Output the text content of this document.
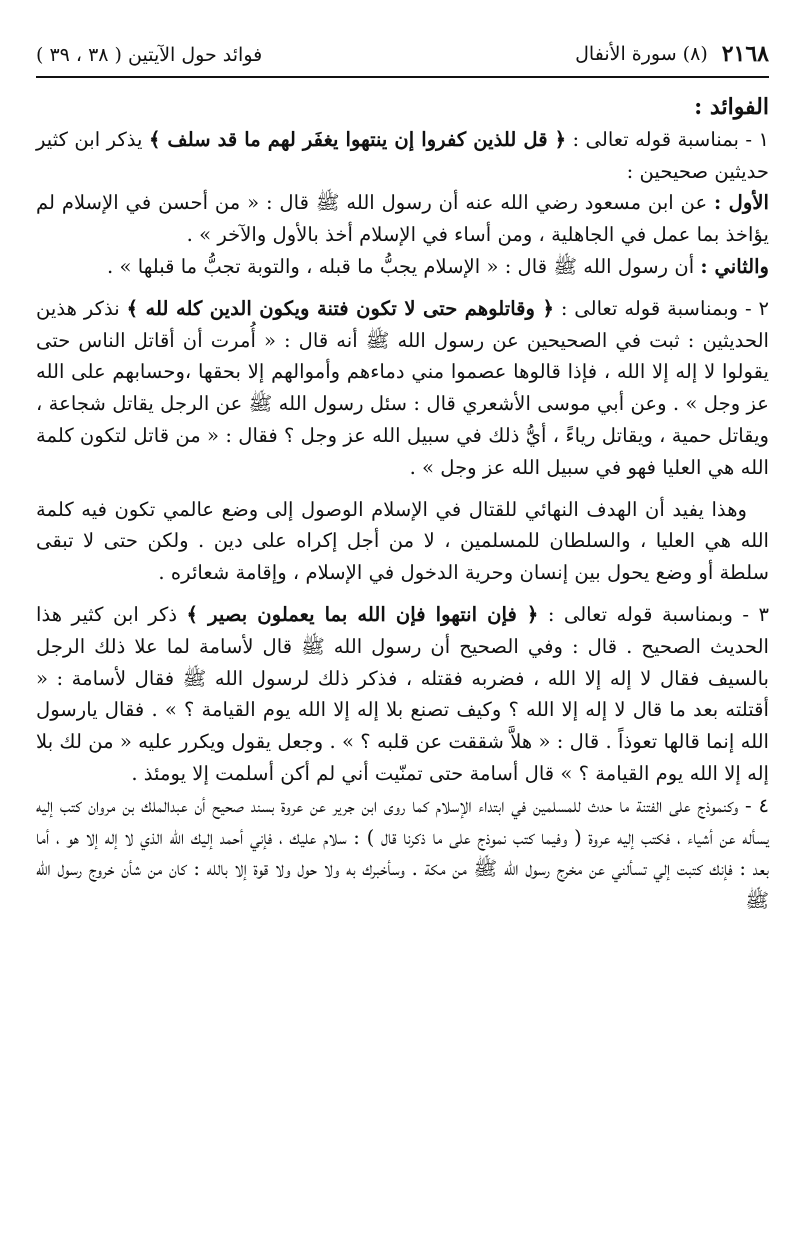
٢١٦٨
(٨) سورة الأنفال
فوائد حول الآيتين ( ٣٨ ، ٣٩ )

الفوائد :

١ - بمناسبة قوله تعالى : ﴿ قل للذين كفروا إن ينتهوا يغفَر لهم ما قد سلف ﴾ يذكر ابن كثير حديثين صحيحين :

الأول : عن ابن مسعود رضي الله عنه أن رسول الله ﷺ قال : « من أحسن في الإسلام لم يؤاخذ بما عمل في الجاهلية ، ومن أساء في الإسلام أخذ بالأول والآخر » .

والثاني : أن رسول الله ﷺ قال : « الإسلام يجبُّ ما قبله ، والتوبة تجبُّ ما قبلها » .

٢ - وبمناسبة قوله تعالى : ﴿ وقاتلوهم حتى لا تكون فتنة ويكون الدين كله لله ﴾ نذكر هذين الحديثين : ثبت في الصحيحين عن رسول الله ﷺ أنه قال : « أُمرت أن أقاتل الناس حتى يقولوا لا إله إلا الله ، فإذا قالوها عصموا مني دماءهم وأموالهم إلا بحقها ،وحسابهم على الله عز وجل » . وعن أبي موسى الأشعري قال : سئل رسول الله ﷺ عن الرجل يقاتل شجاعة ، ويقاتل حمية ، ويقاتل رياءً ، أيُّ ذلك في سبيل الله عز وجل ؟ فقال : « من قاتل لتكون كلمة الله هي العليا فهو في سبيل الله عز وجل » .

وهذا يفيد أن الهدف النهائي للقتال في الإسلام الوصول إلى وضع عالمي تكون فيه كلمة الله هي العليا ، والسلطان للمسلمين ، لا من أجل إكراه على دين . ولكن حتى لا تبقى سلطة أو وضع يحول بين إنسان وحرية الدخول في الإسلام ، وإقامة شعائره .

٣ - وبمناسبة قوله تعالى : ﴿ فإن انتهوا فإن الله بما يعملون بصير ﴾ ذكر ابن كثير هذا الحديث الصحيح . قال : وفي الصحيح أن رسول الله ﷺ قال لأسامة لما علا ذلك الرجل بالسيف فقال لا إله إلا الله ، فضربه فقتله ، فذكر ذلك لرسول الله ﷺ فقال لأسامة : « أقتلته بعد ما قال لا إله إلا الله ؟ وكيف تصنع بلا إله إلا الله يوم القيامة ؟ » . فقال يارسول الله إنما قالها تعوذاً . قال : « هلاَّ شققت عن قلبه ؟ » . وجعل يقول ويكرر عليه « من لك بلا إله إلا الله يوم القيامة ؟ » قال أسامة حتى تمنّيت أني لم أكن أسلمت إلا يومئذ .

٤ - وكنموذج على الفتنة ما حدث للمسلمين في ابتداء الإسلام كما روى ابن جرير عن عروة بسند صحيح أن عبدالملك بن مروان كتب إليه يسأله عن أشياء ، فكتب إليه عروة ( وفيما كتب نموذج على ما ذكرنا قال ) : سلام عليك ، فإني أحمد إليك الله الذي لا إله إلا هو ، أما بعد : فإنك كتبت إلي تسألني عن مخرج رسول الله ﷺ من مكة . وسأخبرك به ولا حول ولا قوة إلا بالله : كان من شأن خروج رسول الله ﷺ
